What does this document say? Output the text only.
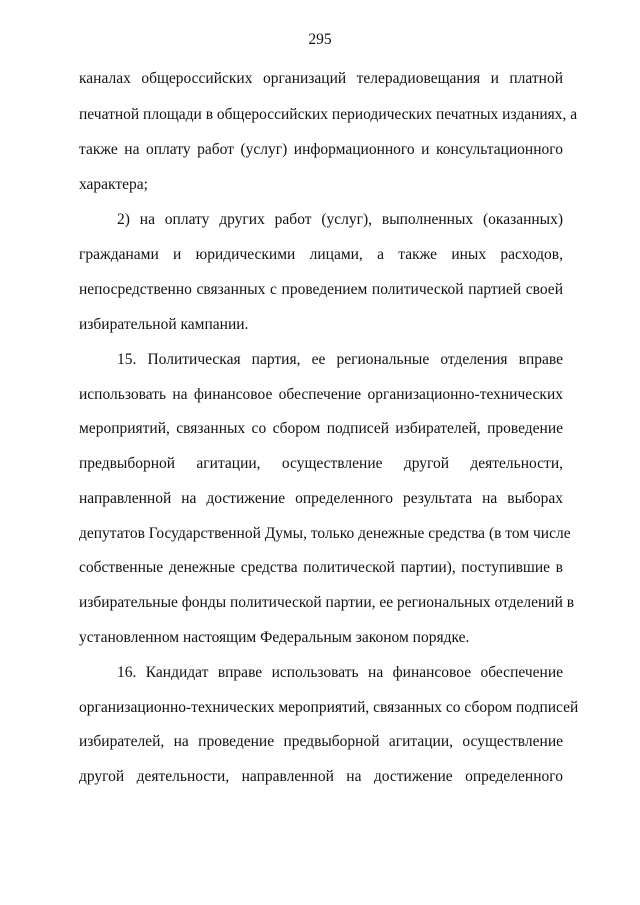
295
каналах общероссийских организаций телерадиовещания и платной
печатной площади в общероссийских периодических печатных изданиях, а
также на оплату работ (услуг) информационного и консультационного
характера;
2) на оплату других работ (услуг), выполненных (оказанных)
гражданами и юридическими лицами, а также иных расходов,
непосредственно связанных с проведением политической партией своей
избирательной кампании.
15. Политическая партия, ее региональные отделения вправе
использовать на финансовое обеспечение организационно-технических
мероприятий, связанных со сбором подписей избирателей, проведение
предвыборной агитации, осуществление другой деятельности,
направленной на достижение определенного результата на выборах
депутатов Государственной Думы, только денежные средства (в том числе
собственные денежные средства политической партии), поступившие в
избирательные фонды политической партии, ее региональных отделений в
установленном настоящим Федеральным законом порядке.
16. Кандидат вправе использовать на финансовое обеспечение
организационно-технических мероприятий, связанных со сбором подписей
избирателей, на проведение предвыборной агитации, осуществление
другой деятельности, направленной на достижение определенного
